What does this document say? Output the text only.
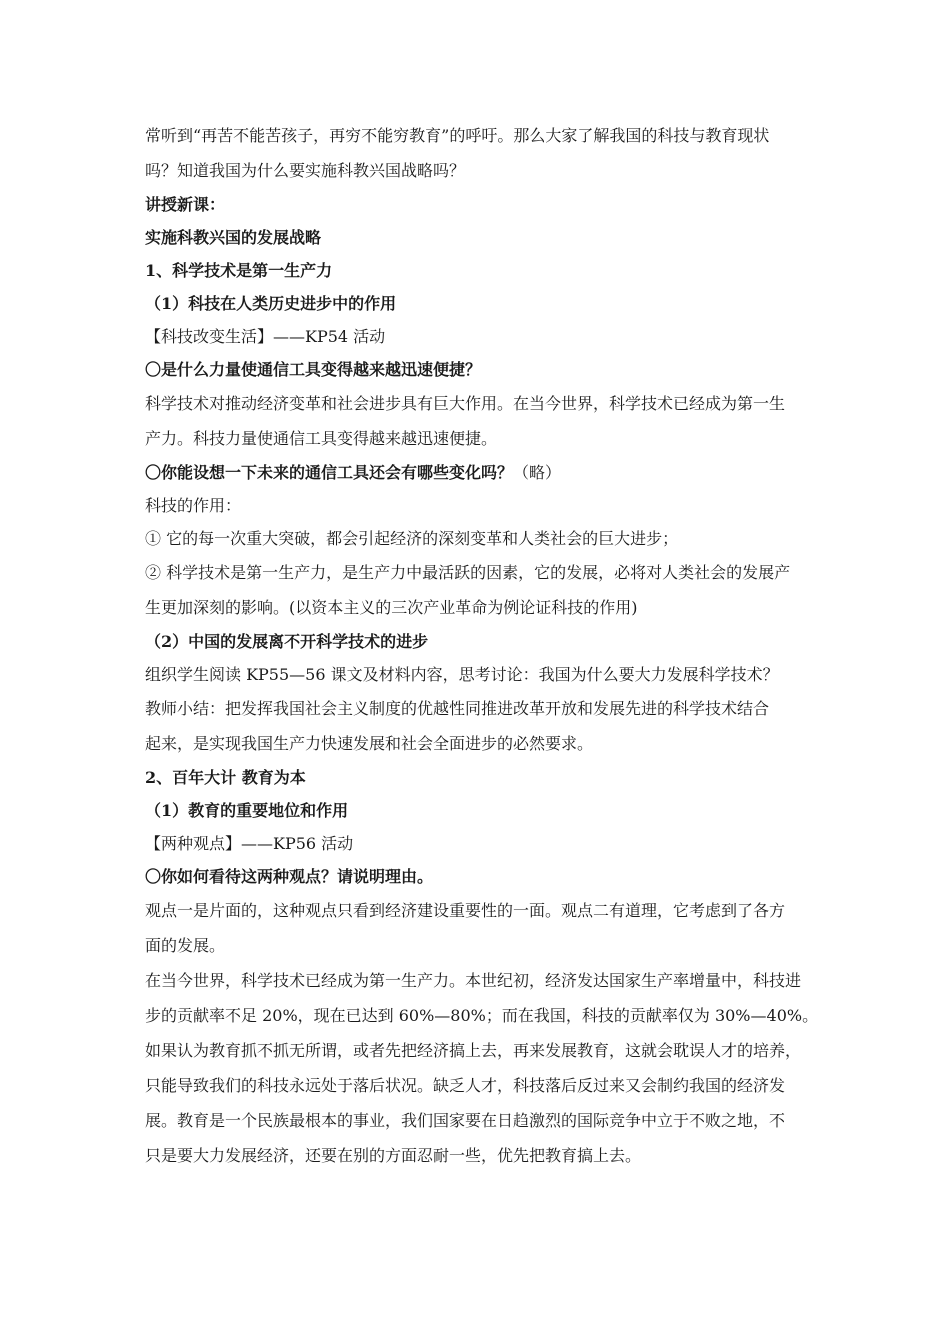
常听到“再苦不能苦孩子，再穷不能穷教育”的呼吁。那么大家了解我国的科技与教育现状

吗？知道我国为什么要实施科教兴国战略吗？

讲授新课：

实施科教兴国的发展战略

1、科学技术是第一生产力

（1）科技在人类历史进步中的作用

【科技改变生活】——KP54 活动

〇是什么力量使通信工具变得越来越迅速便捷？

科学技术对推动经济变革和社会进步具有巨大作用。在当今世界，科学技术已经成为第一生

产力。科技力量使通信工具变得越来越迅速便捷。

〇你能设想一下未来的通信工具还会有哪些变化吗？（略）

科技的作用：

① 它的每一次重大突破，都会引起经济的深刻变革和人类社会的巨大进步；

② 科学技术是第一生产力，是生产力中最活跃的因素，它的发展，必将对人类社会的发展产

生更加深刻的影响。(以资本主义的三次产业革命为例论证科技的作用)

（2）中国的发展离不开科学技术的进步

组织学生阅读 KP55—56 课文及材料内容，思考讨论：我国为什么要大力发展科学技术？

教师小结：把发挥我国社会主义制度的优越性同推进改革开放和发展先进的科学技术结合

起来，是实现我国生产力快速发展和社会全面进步的必然要求。

2、百年大计 教育为本

（1）教育的重要地位和作用

【两种观点】——KP56 活动

〇你如何看待这两种观点？请说明理由。

观点一是片面的，这种观点只看到经济建设重要性的一面。观点二有道理，它考虑到了各方

面的发展。

在当今世界，科学技术已经成为第一生产力。本世纪初，经济发达国家生产率增量中，科技进

步的贡献率不足 20%，现在已达到 60%—80%；而在我国，科技的贡献率仅为 30%—40%。

如果认为教育抓不抓无所谓，或者先把经济搞上去，再来发展教育，这就会耽误人才的培养，

只能导致我们的科技永远处于落后状况。缺乏人才，科技落后反过来又会制约我国的经济发

展。教育是一个民族最根本的事业，我们国家要在日趋激烈的国际竞争中立于不败之地，不

只是要大力发展经济，还要在别的方面忍耐一些，优先把教育搞上去。
